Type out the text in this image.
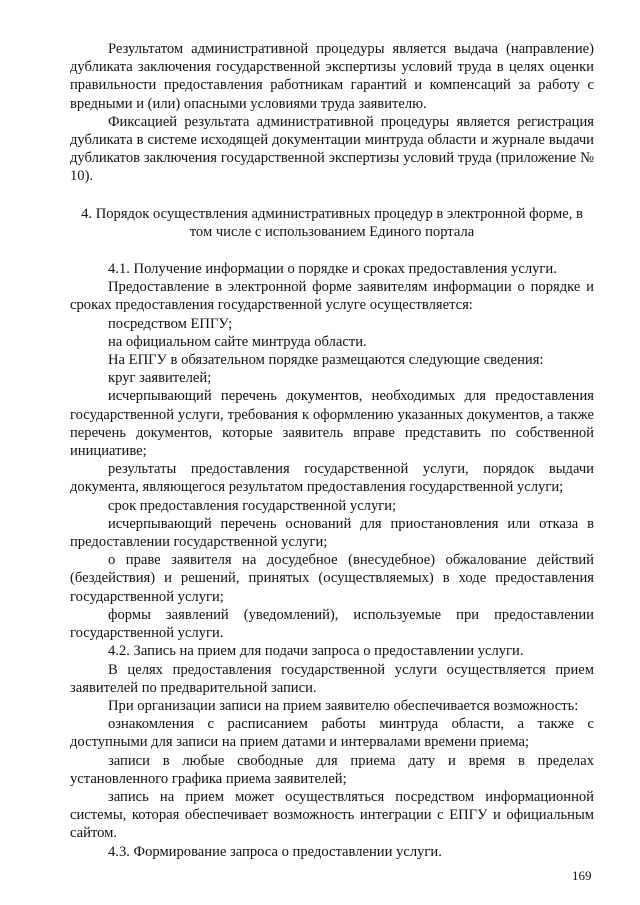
Результатом административной процедуры является выдача (направление) дубликата заключения государственной экспертизы условий труда в целях оценки правильности предоставления работникам гарантий и компенсаций за работу с вредными и (или) опасными условиями труда заявителю.

Фиксацией результата административной процедуры является регистрация дубликата в системе исходящей документации минтруда области и журнале выдачи дубликатов заключения государственной экспертизы условий труда (приложение № 10).

4. Порядок осуществления административных процедур в электронной форме, в том числе с использованием Единого портала

4.1. Получение информации о порядке и сроках предоставления услуги.

Предоставление в электронной форме заявителям информации о порядке и сроках предоставления государственной услуге осуществляется:

посредством ЕПГУ;

на официальном сайте минтруда области.

На ЕПГУ в обязательном порядке размещаются следующие сведения:

круг заявителей;

исчерпывающий перечень документов, необходимых для предоставления государственной услуги, требования к оформлению указанных документов, а также перечень документов, которые заявитель вправе представить по собственной инициативе;

результаты предоставления государственной услуги, порядок выдачи документа, являющегося результатом предоставления государственной услуги;

срок предоставления государственной услуги;

исчерпывающий перечень оснований для приостановления или отказа в предоставлении государственной услуги;

о праве заявителя на досудебное (внесудебное) обжалование действий (бездействия) и решений, принятых (осуществляемых) в ходе предоставления государственной услуги;

формы заявлений (уведомлений), используемые при предоставлении государственной услуги.

4.2. Запись на прием для подачи запроса о предоставлении услуги.

В целях предоставления государственной услуги осуществляется прием заявителей по предварительной записи.

При организации записи на прием заявителю обеспечивается возможность:

ознакомления с расписанием работы минтруда области, а также с доступными для записи на прием датами и интервалами времени приема;

записи в любые свободные для приема дату и время в пределах установленного графика приема заявителей;

запись на прием может осуществляться посредством информационной системы, которая обеспечивает возможность интеграции с ЕПГУ и официальным сайтом.

4.3. Формирование запроса о предоставлении услуги.

169
